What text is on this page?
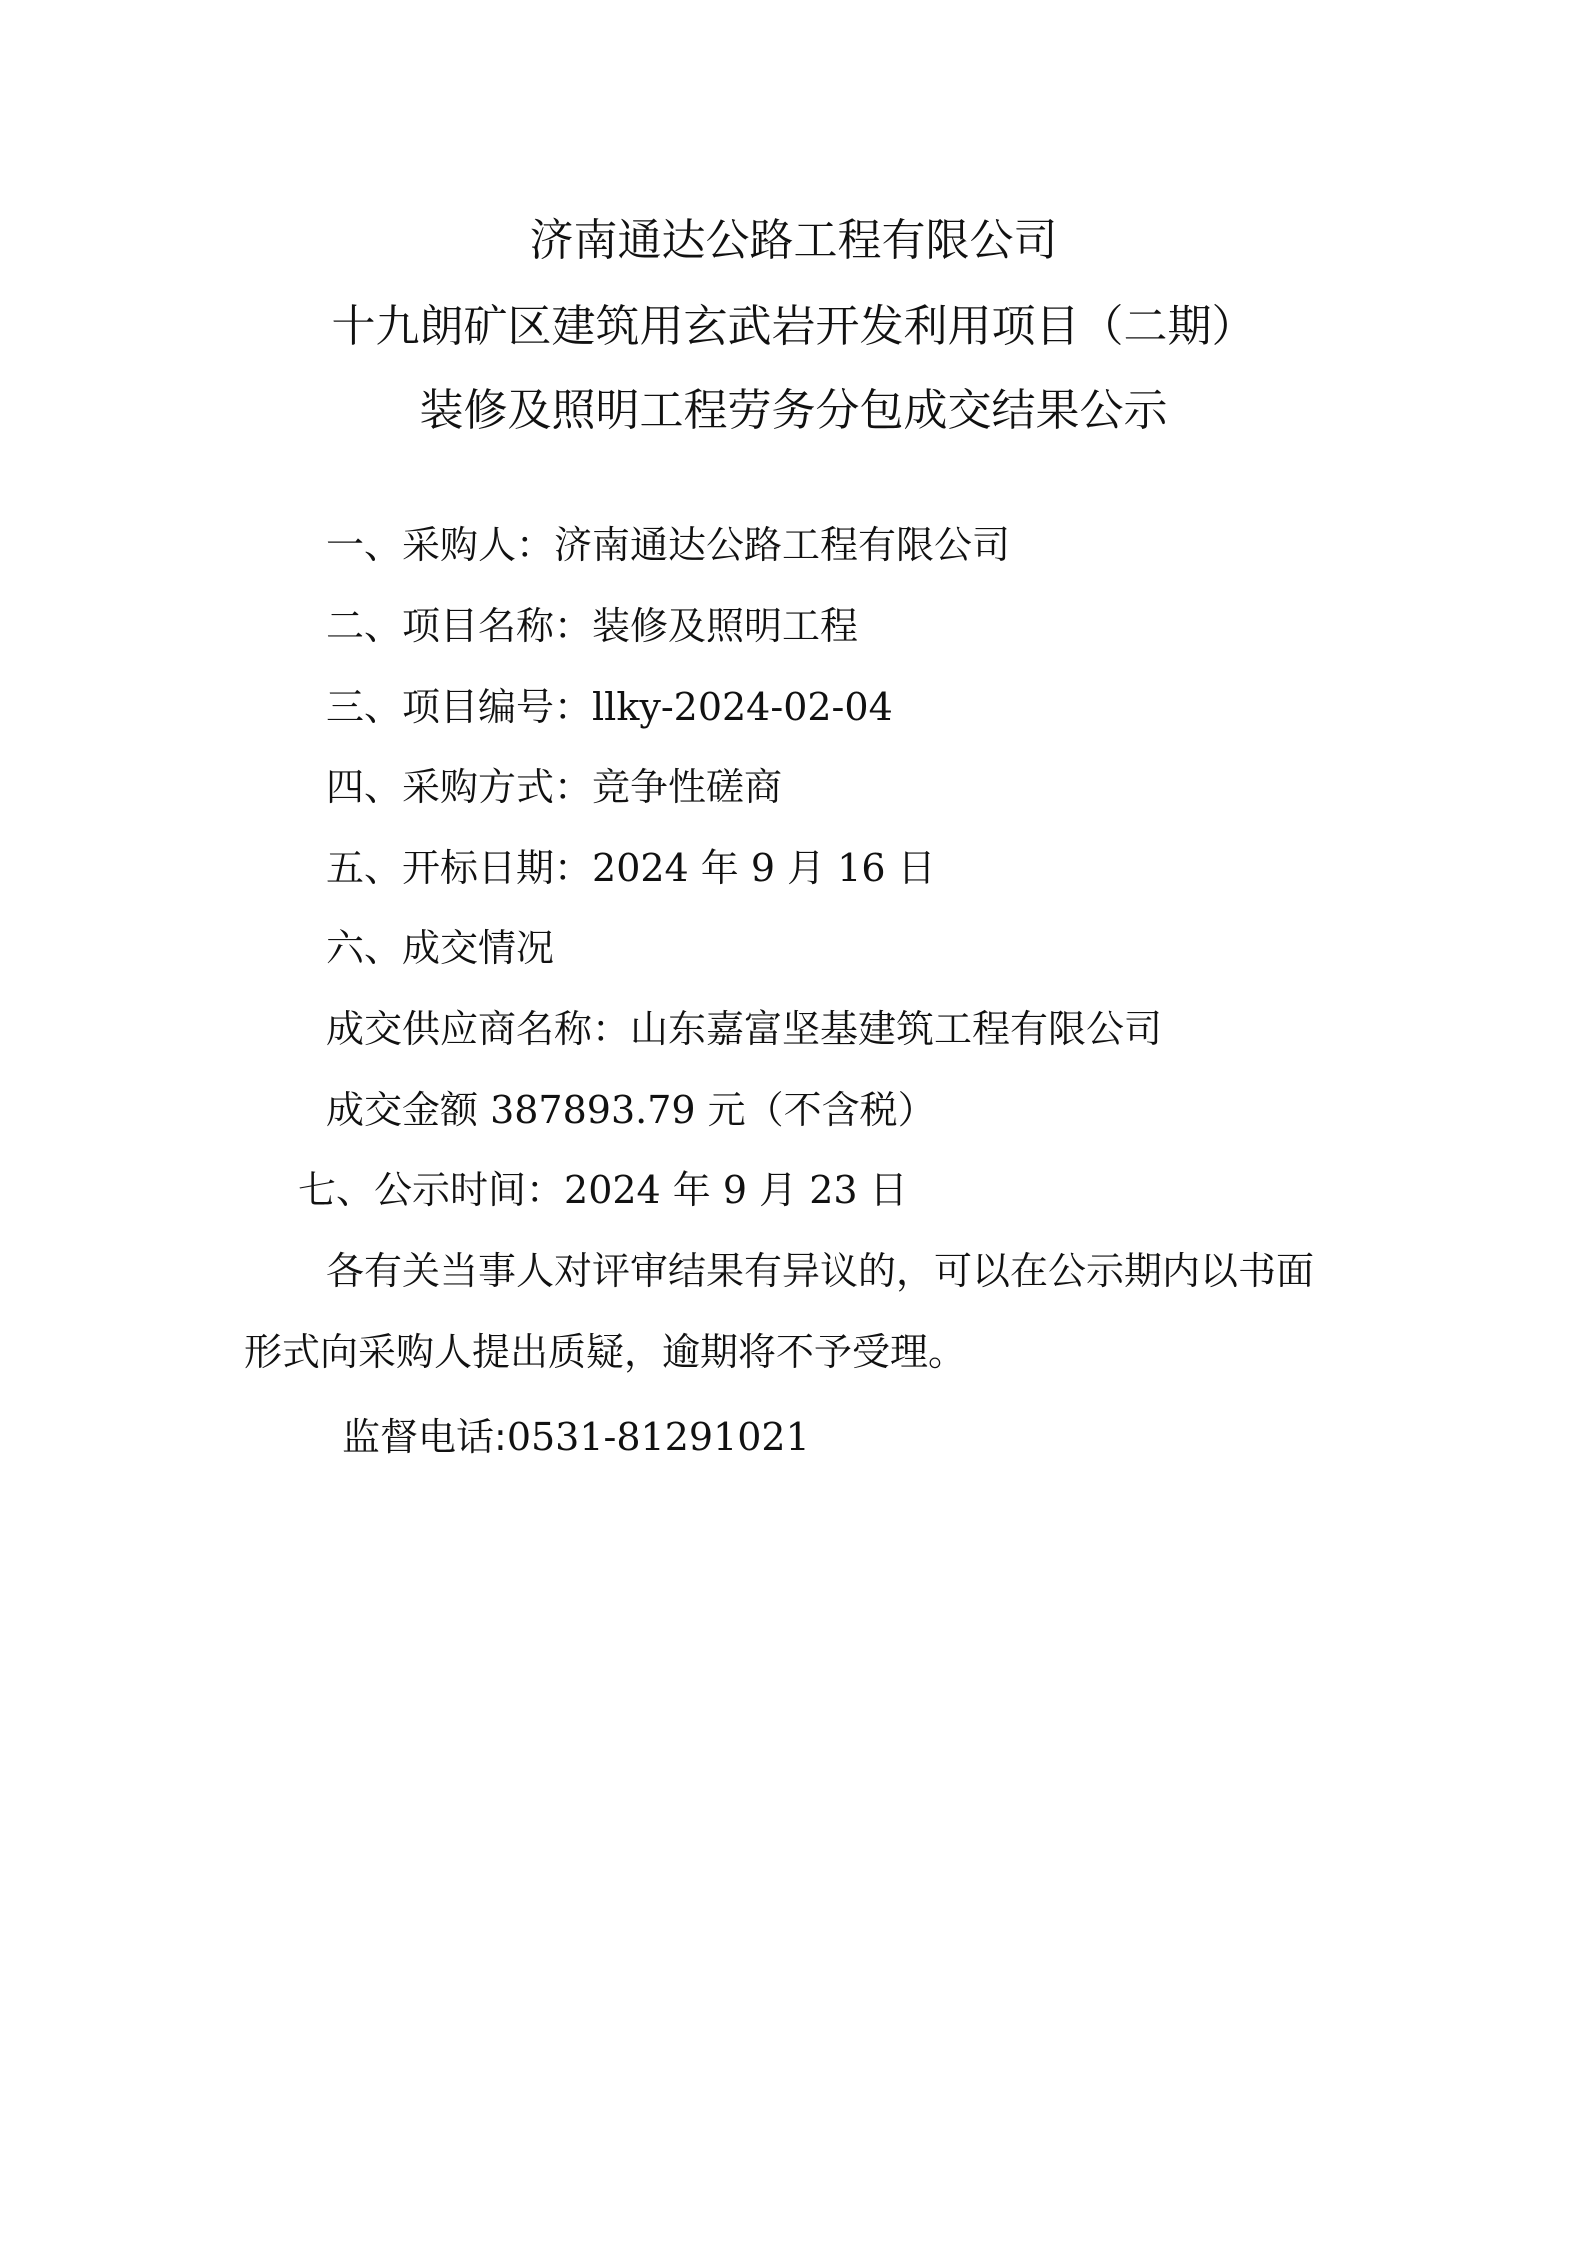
济南通达公路工程有限公司
十九朗矿区建筑用玄武岩开发利用项目（二期）
装修及照明工程劳务分包成交结果公示
一、采购人：济南通达公路工程有限公司
二、项目名称：装修及照明工程
三、项目编号：llky-2024-02-04
四、采购方式：竞争性磋商
五、开标日期：2024 年 9 月 16 日
六、成交情况
成交供应商名称：山东嘉富坚基建筑工程有限公司
成交金额 387893.79 元（不含税）
七、公示时间：2024 年 9 月 23 日
各有关当事人对评审结果有异议的，可以在公示期内以书面
形式向采购人提出质疑，逾期将不予受理。
监督电话:0531-81291021
